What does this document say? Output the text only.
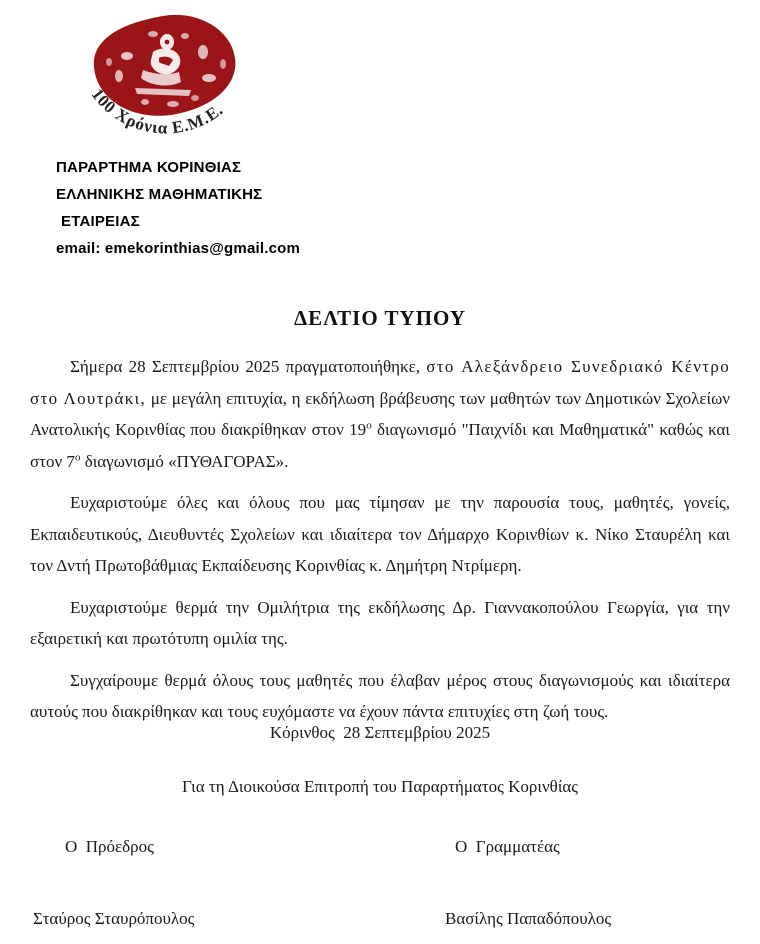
100 Χρόνια Ε.Μ.Ε.
ΠΑΡΑΡΤΗΜΑ ΚΟΡΙΝΘΙΑΣ
ΕΛΛΗΝΙΚΗΣ ΜΑΘΗΜΑΤΙΚΗΣ
ΕΤΑΙΡΕΙΑΣ
email: emekorinthias@gmail.com
ΔΕΛΤΙΟ ΤΥΠΟΥ

Σήμερα 28 Σεπτεμβρίου 2025 πραγματοποιήθηκε, στο Αλεξάνδρειο Συνεδριακό Κέντρο στο Λουτράκι, με μεγάλη επιτυχία, η εκδήλωση βράβευσης των μαθητών των Δημοτικών Σχολείων Ανατολικής Κορινθίας που διακρίθηκαν στον $19^o$ διαγωνισμό "Παιχνίδι και Μαθηματικά" καθώς και στον $7^o$ διαγωνισμό «ΠΥΘΑΓΟΡΑΣ».

Ευχαριστούμε όλες και όλους που μας τίμησαν με την παρουσία τους, μαθητές, γονείς, Εκπαιδευτικούς, Διευθυντές Σχολείων και ιδιαίτερα τον Δήμαρχο Κορινθίων κ. Νίκο Σταυρέλη και τον Δντή Πρωτοβάθμιας Εκπαίδευσης Κορινθίας κ. Δημήτρη Ντρίμερη.

Ευχαριστούμε θερμά την Ομιλήτρια της εκδήλωσης Δρ. Γιαννακοπούλου Γεωργία, για την εξαιρετική και πρωτότυπη ομιλία της.

Συγχαίρουμε θερμά όλους τους μαθητές που έλαβαν μέρος στους διαγωνισμούς και ιδιαίτερα αυτούς που διακρίθηκαν και τους ευχόμαστε να έχουν πάντα επιτυχίες στη ζωή τους.

Κόρινθος  28 Σεπτεμβρίου 2025
Για τη Διοικούσα Επιτροπή του Παραρτήματος Κορινθίας
Ο  Πρόεδρος	Ο  Γραμματέας
Σταύρος Σταυρόπουλος	Βασίλης Παπαδόπουλος
